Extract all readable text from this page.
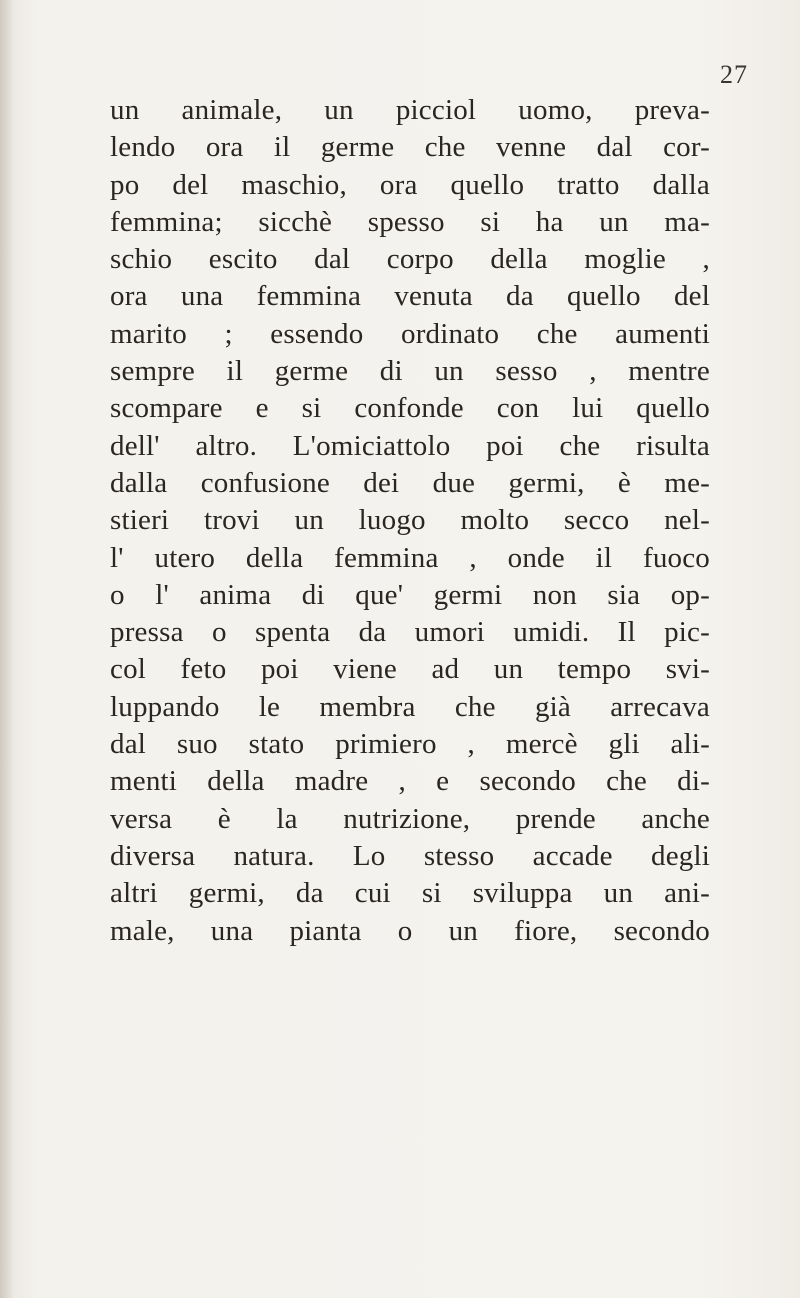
27
un animale, un picciol uomo, preva-
lendo ora il germe che venne dal cor-
po del maschio, ora quello tratto dalla
femmina; sicchè spesso si ha un ma-
schio escito dal corpo della moglie ,
ora una femmina venuta da quello del
marito ; essendo ordinato che aumenti
sempre il germe di un sesso , mentre
scompare e si confonde con lui quello
dell' altro. L'omiciattolo poi che risulta
dalla confusione dei due germi, è me-
stieri trovi un luogo molto secco nel-
l' utero della femmina , onde il fuoco
o l' anima di que' germi non sia op-
pressa o spenta da umori umidi. Il pic-
col feto poi viene ad un tempo svi-
luppando le membra che già arrecava
dal suo stato primiero , mercè gli ali-
menti della madre , e secondo che di-
versa è la nutrizione, prende anche
diversa natura. Lo stesso accade degli
altri germi, da cui si sviluppa un ani-
male, una pianta o un fiore, secondo
